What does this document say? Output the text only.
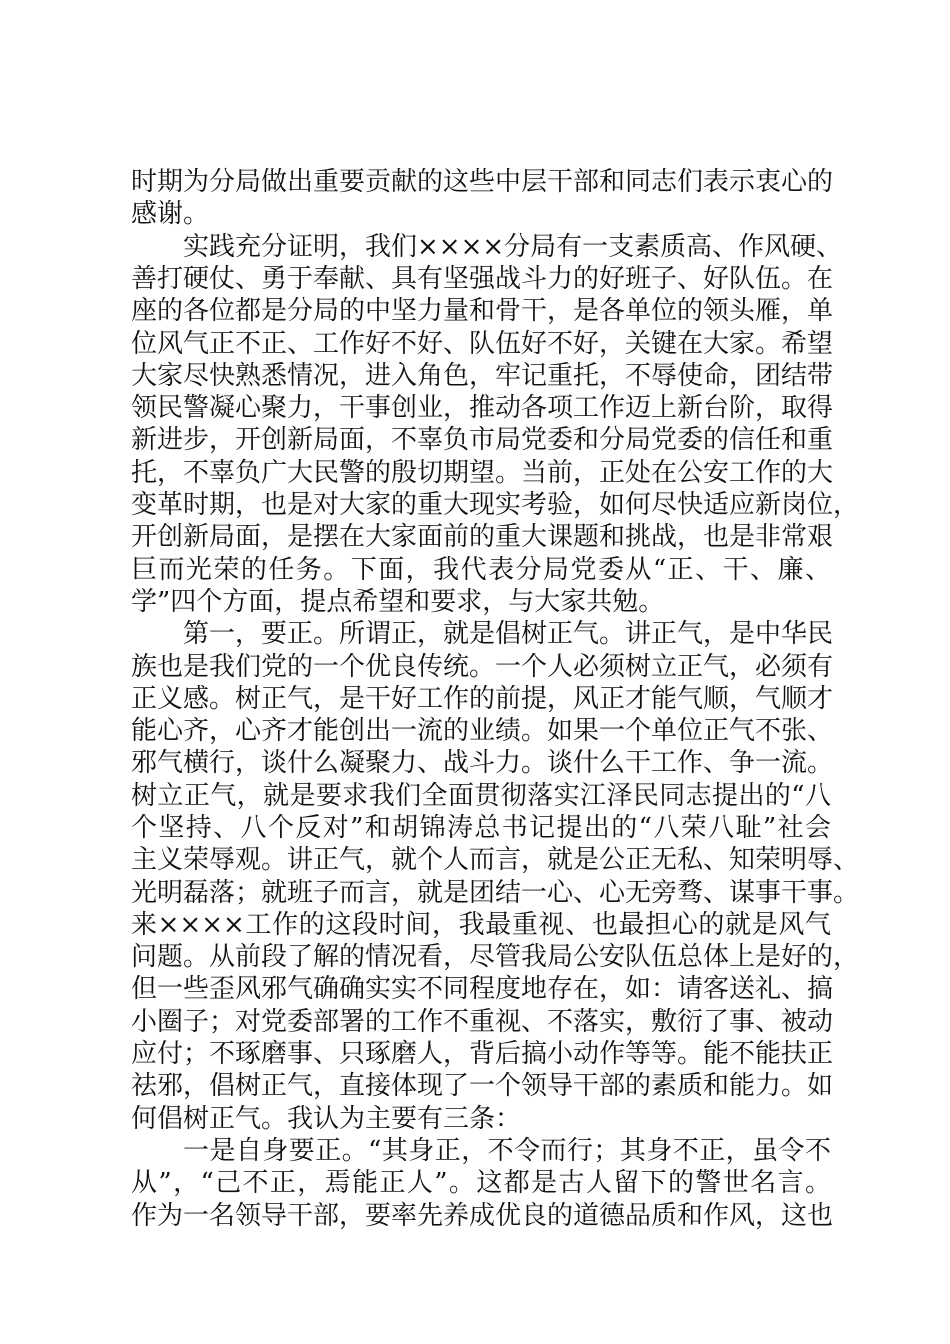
时期为分局做出重要贡献的这些中层干部和同志们表示衷心的
感谢。
实践充分证明，我们××××分局有一支素质高、作风硬、
善打硬仗、勇于奉献、具有坚强战斗力的好班子、好队伍。在
座的各位都是分局的中坚力量和骨干，是各单位的领头雁，单
位风气正不正、工作好不好、队伍好不好，关键在大家。希望
大家尽快熟悉情况，进入角色，牢记重托，不辱使命，团结带
领民警凝心聚力，干事创业，推动各项工作迈上新台阶，取得
新进步，开创新局面，不辜负市局党委和分局党委的信任和重
托，不辜负广大民警的殷切期望。当前，正处在公安工作的大
变革时期，也是对大家的重大现实考验，如何尽快适应新岗位，
开创新局面，是摆在大家面前的重大课题和挑战，也是非常艰
巨而光荣的任务。下面，我代表分局党委从“正、干、廉、
学”四个方面，提点希望和要求，与大家共勉。
第一，要正。所谓正，就是倡树正气。讲正气，是中华民
族也是我们党的一个优良传统。一个人必须树立正气，必须有
正义感。树正气，是干好工作的前提，风正才能气顺，气顺才
能心齐，心齐才能创出一流的业绩。如果一个单位正气不张、
邪气横行，谈什么凝聚力、战斗力。谈什么干工作、争一流。
树立正气，就是要求我们全面贯彻落实江泽民同志提出的“八
个坚持、八个反对”和胡锦涛总书记提出的“八荣八耻”社会
主义荣辱观。讲正气，就个人而言，就是公正无私、知荣明辱、
光明磊落；就班子而言，就是团结一心、心无旁骛、谋事干事。
来××××工作的这段时间，我最重视、也最担心的就是风气
问题。从前段了解的情况看，尽管我局公安队伍总体上是好的，
但一些歪风邪气确确实实不同程度地存在，如：请客送礼、搞
小圈子；对党委部署的工作不重视、不落实，敷衍了事、被动
应付；不琢磨事、只琢磨人，背后搞小动作等等。能不能扶正
祛邪，倡树正气，直接体现了一个领导干部的素质和能力。如
何倡树正气。我认为主要有三条：
一是自身要正。“其身正，不令而行；其身不正，虽令不
从”，“己不正，焉能正人”。这都是古人留下的警世名言。
作为一名领导干部，要率先养成优良的道德品质和作风，这也
